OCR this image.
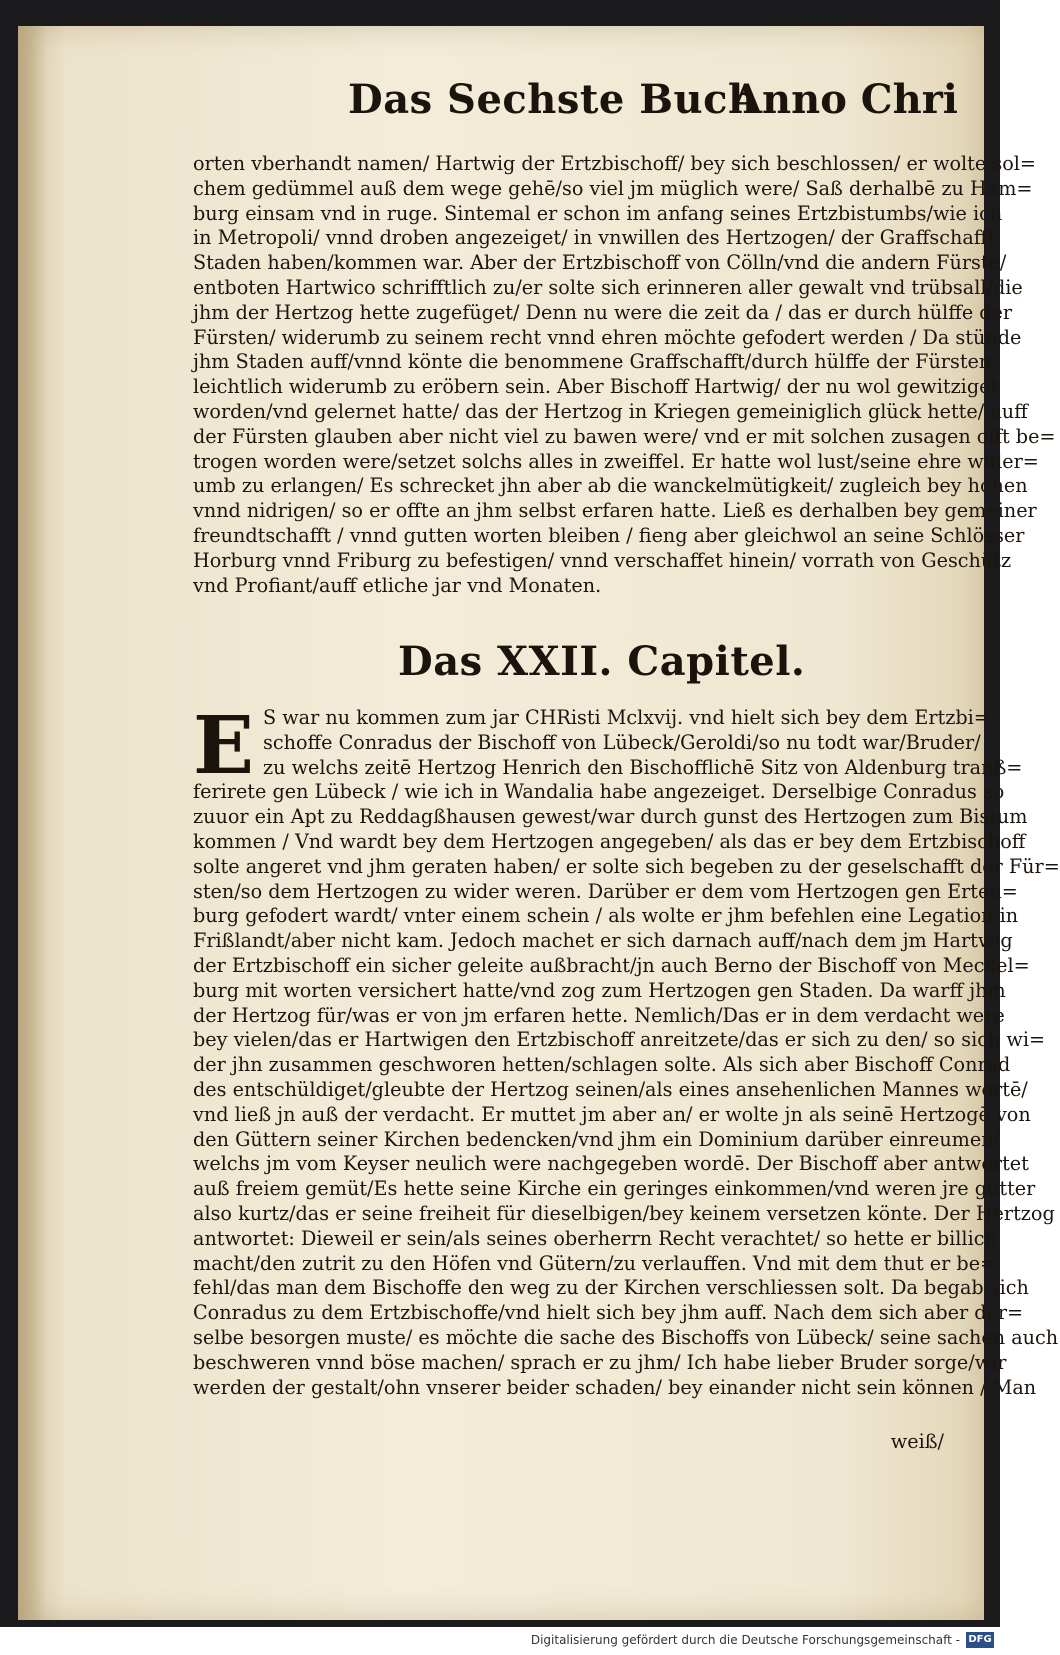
Das Sechste Buch
Anno Chri
orten vberhandt namen/ Hartwig der Ertzbischoff/ bey sich beschlossen/ er wolte sol=
chem gedümmel auß dem wege gehē/so viel jm müglich were/ Saß derhalbē zu Ham=
burg einsam vnd in ruge. Sintemal er schon im anfang seines Ertzbistumbs/wie ich
in Metropoli/ vnnd droben angezeiget/ in vnwillen des Hertzogen/ der Graffschafft
Staden haben/kommen war. Aber der Ertzbischoff von Cölln/vnd die andern Fürstē/
entboten Hartwico schrifftlich zu/er solte sich erinneren aller gewalt vnd trübsall/die
jhm der Hertzog hette zugefüget/ Denn nu were die zeit da / das er durch hülffe der
Fürsten/ widerumb zu seinem recht vnnd ehren möchte gefodert werden / Da stünde
jhm Staden auff/vnnd könte die benommene Graffschafft/durch hülffe der Fürsten
leichtlich widerumb zu eröbern sein. Aber Bischoff Hartwig/ der nu wol gewitziget
worden/vnd gelernet hatte/ das der Hertzog in Kriegen gemeiniglich glück hette/ auff
der Fürsten glauben aber nicht viel zu bawen were/ vnd er mit solchen zusagen offt be=
trogen worden were/setzet solchs alles in zweiffel. Er hatte wol lust/seine ehre wider=
umb zu erlangen/ Es schrecket jhn aber ab die wanckelmütigkeit/ zugleich bey hohen
vnnd nidrigen/ so er offte an jhm selbst erfaren hatte. Ließ es derhalben bey gemeiner
freundtschafft / vnnd gutten worten bleiben / fieng aber gleichwol an seine Schlösser
Horburg vnnd Friburg zu befestigen/ vnnd verschaffet hinein/ vorrath von Geschütz
vnd Profiant/auff etliche jar vnd Monaten.
Das XXII. Capitel.
E S war nu kommen zum jar CHRisti Mclxvij. vnd hielt sich bey dem Ertzbi=
schoffe Conradus der Bischoff von Lübeck/Geroldi/so nu todt war/Bruder/
zu welchs zeitē Hertzog Henrich den Bischofflichē Sitz von Aldenburg tranß=
ferirete gen Lübeck / wie ich in Wandalia habe angezeiget. Derselbige Conradus so
zuuor ein Apt zu Reddagßhausen gewest/war durch gunst des Hertzogen zum Bistum
kommen / Vnd wardt bey dem Hertzogen angegeben/ als das er bey dem Ertzbischoff
solte angeret vnd jhm geraten haben/ er solte sich begeben zu der geselschafft der Für=
sten/so dem Hertzogen zu wider weren. Darüber er dem vom Hertzogen gen Erten=
burg gefodert wardt/ vnter einem schein / als wolte er jhm befehlen eine Legation in
Frißlandt/aber nicht kam. Jedoch machet er sich darnach auff/nach dem jm Hartwig
der Ertzbischoff ein sicher geleite außbracht/jn auch Berno der Bischoff von Meckel=
burg mit worten versichert hatte/vnd zog zum Hertzogen gen Staden. Da warff jhm
der Hertzog für/was er von jm erfaren hette. Nemlich/Das er in dem verdacht were
bey vielen/das er Hartwigen den Ertzbischoff anreitzete/das er sich zu den/ so sich wi=
der jhn zusammen geschworen hetten/schlagen solte. Als sich aber Bischoff Conrad
des entschüldiget/gleubte der Hertzog seinen/als eines ansehenlichen Mannes wortē/
vnd ließ jn auß der verdacht. Er muttet jm aber an/ er wolte jn als seinē Hertzogē von
den Güttern seiner Kirchen bedencken/vnd jhm ein Dominium darüber einreumen/
welchs jm vom Keyser neulich were nachgegeben wordē. Der Bischoff aber antwortet
auß freiem gemüt/Es hette seine Kirche ein geringes einkommen/vnd weren jre gütter
also kurtz/das er seine freiheit für dieselbigen/bey keinem versetzen könte. Der Hertzog
antwortet: Dieweil er sein/als seines oberherrn Recht verachtet/ so hette er billich
macht/den zutrit zu den Höfen vnd Gütern/zu verlauffen. Vnd mit dem thut er be=
fehl/das man dem Bischoffe den weg zu der Kirchen verschliessen solt. Da begab sich
Conradus zu dem Ertzbischoffe/vnd hielt sich bey jhm auff. Nach dem sich aber der=
selbe besorgen muste/ es möchte die sache des Bischoffs von Lübeck/ seine sachen auch
beschweren vnnd böse machen/ sprach er zu jhm/ Ich habe lieber Bruder sorge/wir
werden der gestalt/ohn vnserer beider schaden/ bey einander nicht sein können / Man
weiß/
Digitalisierung gefördert durch die Deutsche Forschungsgemeinschaft - DFG
